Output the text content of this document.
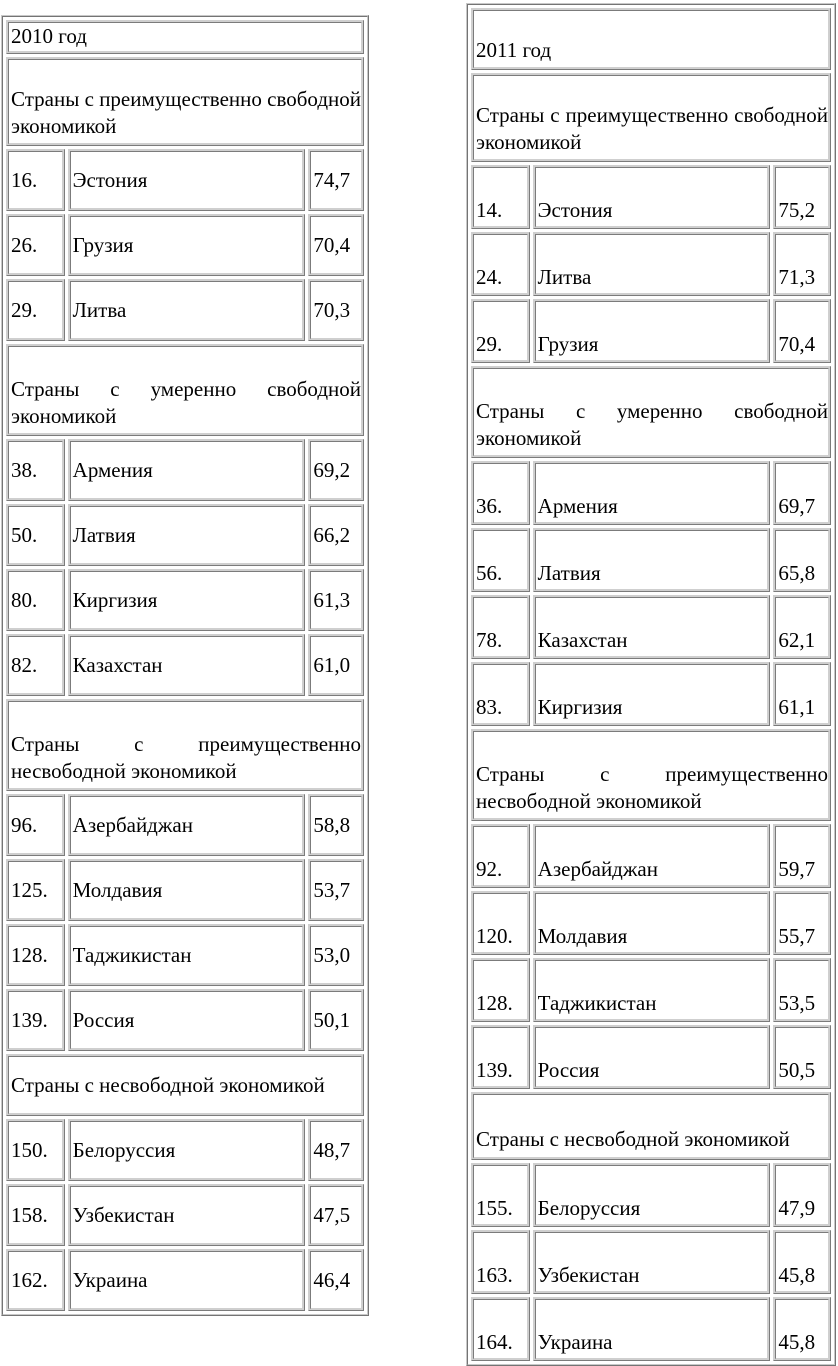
2010 год		
Страны с преимущественно свободной экономикой		
16.	Эстония	74,7
26.	Грузия	70,4
29.	Литва	70,3
Страны с умеренно свободной экономикой		
38.	Армения	69,2
50.	Латвия	66,2
80.	Киргизия	61,3
82.	Казахстан	61,0
Страны с преимущественно несвободной экономикой		
96.	Азербайджан	58,8
125.	Молдавия	53,7
128.	Таджикистан	53,0
139.	Россия	50,1
Страны с несвободной экономикой		
150.	Белоруссия	48,7
158.	Узбекистан	47,5
162.	Украина	46,4
2011 год		
Страны с преимущественно свободной экономикой		
14.	Эстония	75,2
24.	Литва	71,3
29.	Грузия	70,4
Страны с умеренно свободной экономикой		
36.	Армения	69,7
56.	Латвия	65,8
78.	Казахстан	62,1
83.	Киргизия	61,1
Страны с преимущественно несвободной экономикой		
92.	Азербайджан	59,7
120.	Молдавия	55,7
128.	Таджикистан	53,5
139.	Россия	50,5
Страны с несвободной экономикой		
155.	Белоруссия	47,9
163.	Узбекистан	45,8
164.	Украина	45,8
